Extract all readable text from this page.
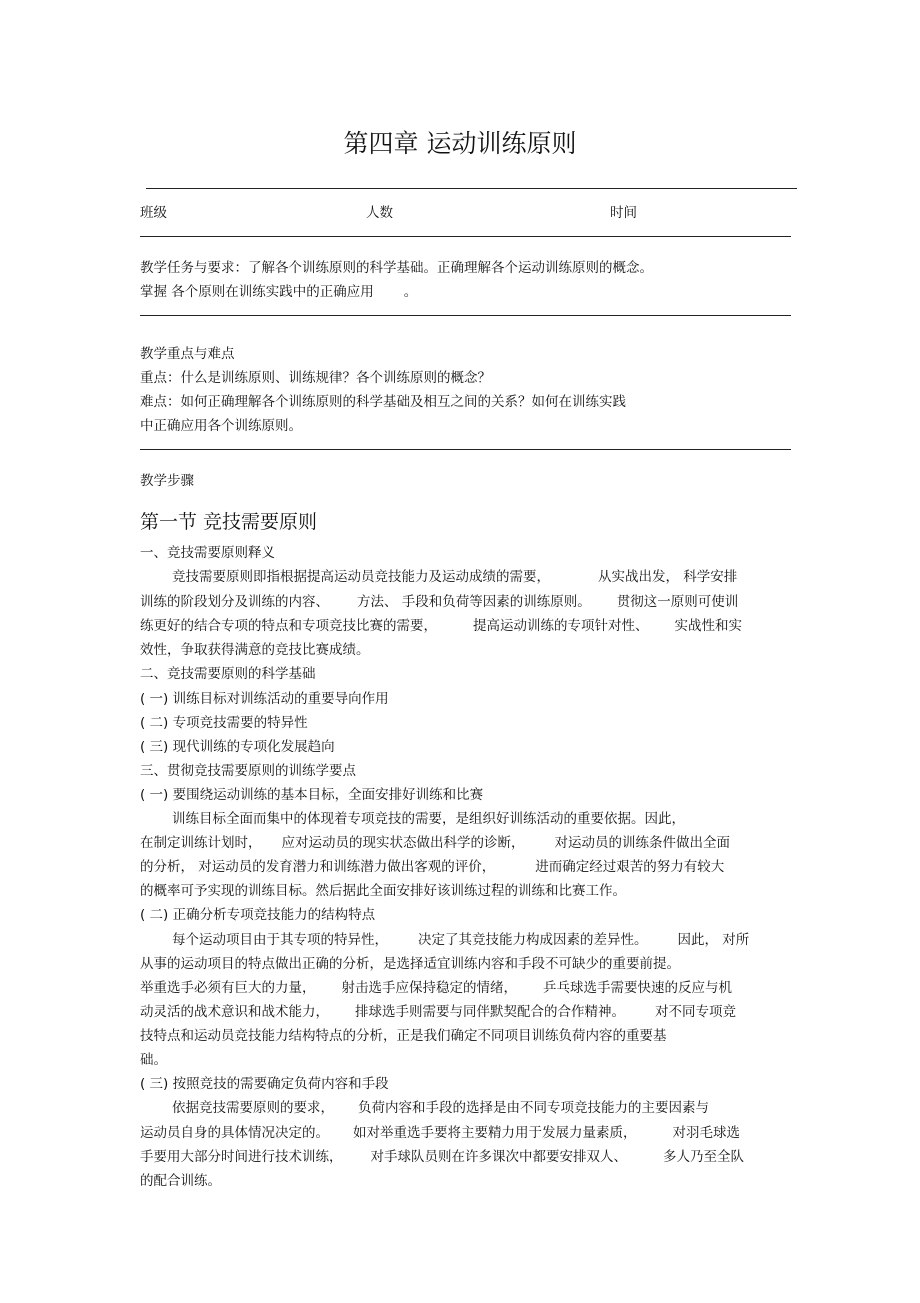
第四章 运动训练原则
班级	人数	时间
教学任务与要求：了解各个训练原则的科学基础。正确理解各个运动训练原则的概念。
掌握 各个原则在训练实践中的正确应用 。
教学重点与难点
重点：什么是训练原则、训练规律？各个训练原则的概念？
难点：如何正确理解各个训练原则的科学基础及相互之间的关系？如何在训练实践
中正确应用各个训练原则。
教学步骤
第一节 竞技需要原则
一、竞技需要原则释义
竞技需要原则即指根据提高运动员竞技能力及运动成绩的需要，	从实战出发， 科学安排
训练的阶段划分及训练的内容、 方法、 手段和负荷等因素的训练原则。 贯彻这一原则可使训
练更好的结合专项的特点和专项竞技比赛的需要，	提高运动训练的专项针对性、 实战性和实
效性，争取获得满意的竞技比赛成绩。
二、竞技需要原则的科学基础
( 一) 训练目标对训练活动的重要导向作用
( 二) 专项竞技需要的特异性
( 三) 现代训练的专项化发展趋向
三、贯彻竞技需要原则的训练学要点
( 一) 要围绕运动训练的基本目标，全面安排好训练和比赛
训练目标全面而集中的体现着专项竞技的需要，是组织好训练活动的重要依据。因此，
在制定训练计划时， 应对运动员的现实状态做出科学的诊断， 对运动员的训练条件做出全面
的分析， 对运动员的发育潜力和训练潜力做出客观的评价，	进而确定经过艰苦的努力有较大
的概率可予实现的训练目标。然后据此全面安排好该训练过程的训练和比赛工作。
( 二) 正确分析专项竞技能力的结构特点
每个运动项目由于其专项的特异性， 决定了其竞技能力构成因素的差异性。 因此， 对所
从事的运动项目的特点做出正确的分析，是选择适宜训练内容和手段不可缺少的重要前提。
举重选手必须有巨大的力量， 射击选手应保持稳定的情绪， 乒乓球选手需要快速的反应与机
动灵活的战术意识和战术能力， 排球选手则需要与同伴默契配合的合作精神。 对不同专项竞
技特点和运动员竞技能力结构特点的分析，正是我们确定不同项目训练负荷内容的重要基
础。
( 三) 按照竞技的需要确定负荷内容和手段
依据竞技需要原则的要求， 负荷内容和手段的选择是由不同专项竞技能力的主要因素与
运动员自身的具体情况决定的。 如对举重选手要将主要精力用于发展力量素质，	对羽毛球选
手要用大部分时间进行技术训练， 对手球队员则在许多课次中都要安排双人、	多人乃至全队
的配合训练。
